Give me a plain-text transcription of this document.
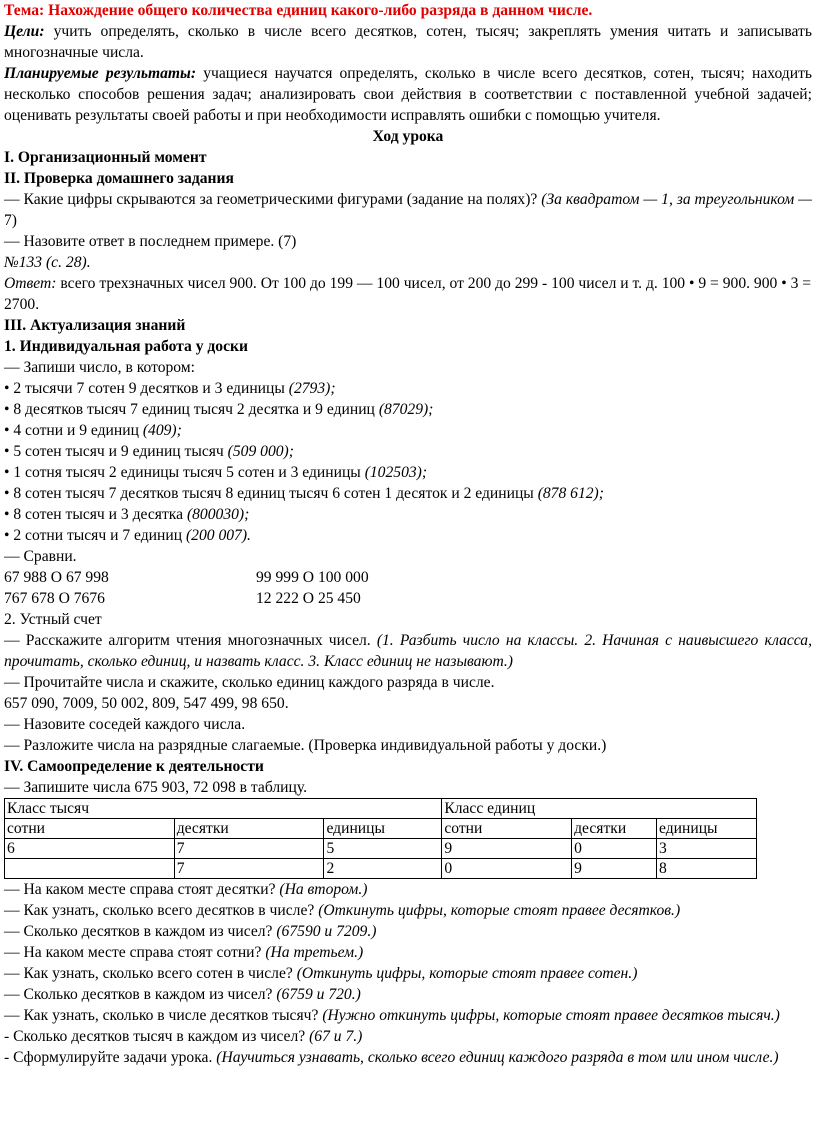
Тема: Нахождение общего количества единиц какого-либо разряда в данном числе.

Цели: учить определять, сколько в числе всего десятков, сотен, тысяч; закреплять умения читать и записывать многозначные числа.

Планируемые результаты: учащиеся научатся определять, сколько в числе всего десятков, сотен, тысяч; находить несколько способов решения задач; анализировать свои действия в соответствии с поставленной учебной задачей; оценивать результаты своей работы и при необходимости исправлять ошибки с помощью учителя.

Ход урока

I. Организационный момент

II. Проверка домашнего задания

— Какие цифры скрываются за геометрическими фигурами (задание на полях)? (За квадратом — 1, за треугольником — 7)

— Назовите ответ в последнем примере. (7)

№133 (с. 28).

Ответ: всего трехзначных чисел 900. От 100 до 199 — 100 чисел, от 200 до 299 - 100 чисел и т. д. 100 • 9 = 900. 900 • 3 = 2700.

III. Актуализация знаний

1. Индивидуальная работа у доски

— Запиши число, в котором:

• 2 тысячи 7 сотен 9 десятков и 3 единицы (2793);

• 8 десятков тысяч 7 единиц тысяч 2 десятка и 9 единиц (87029);

• 4 сотни и 9 единиц (409);

• 5 сотен тысяч и 9 единиц тысяч (509 000);

• 1 сотня тысяч 2 единицы тысяч 5 сотен и 3 единицы (102503);

• 8 сотен тысяч 7 десятков тысяч 8 единиц тысяч 6 сотен 1 десяток и 2 единицы (878 612);

• 8 сотен тысяч и 3 десятка (800030);

• 2 сотни тысяч и 7 единиц (200 007).

— Сравни.

67 988 О 67 998	99 999 О 100 000
767 678 О 7676	12 222 О 25 450

2. Устный счет

— Расскажите алгоритм чтения многозначных чисел. (1. Разбить число на классы. 2. Начиная с наивысшего класса, прочитать, сколько единиц, и назвать класс. 3. Класс единиц не называют.)

— Прочитайте числа и скажите, сколько единиц каждого разряда в числе.

657 090, 7009, 50 002, 809, 547 499, 98 650.

— Назовите соседей каждого числа.

— Разложите числа на разрядные слагаемые. (Проверка индивидуальной работы у доски.)

IV. Самоопределение к деятельности

— Запишите числа 675 903, 72 098 в таблицу.

Класс тысяч			Класс единиц		
сотни	десятки	единицы	сотни	десятки	единицы
6	7	5	9	0	3
	7	2	0	9	8

— На каком месте справа стоят десятки? (На втором.)

— Как узнать, сколько всего десятков в числе? (Откинуть цифры, которые стоят правее десятков.)

— Сколько десятков в каждом из чисел? (67590 и 7209.)

— На каком месте справа стоят сотни? (На третьем.)

— Как узнать, сколько всего сотен в числе? (Откинуть цифры, которые стоят правее сотен.)

— Сколько десятков в каждом из чисел? (6759 и 720.)

— Как узнать, сколько в числе десятков тысяч? (Нужно откинуть цифры, которые стоят правее десятков тысяч.)

- Сколько десятков тысяч в каждом из чисел? (67 и 7.)

- Сформулируйте задачи урока. (Научиться узнавать, сколько всего единиц каждого разряда в том или ином числе.)
